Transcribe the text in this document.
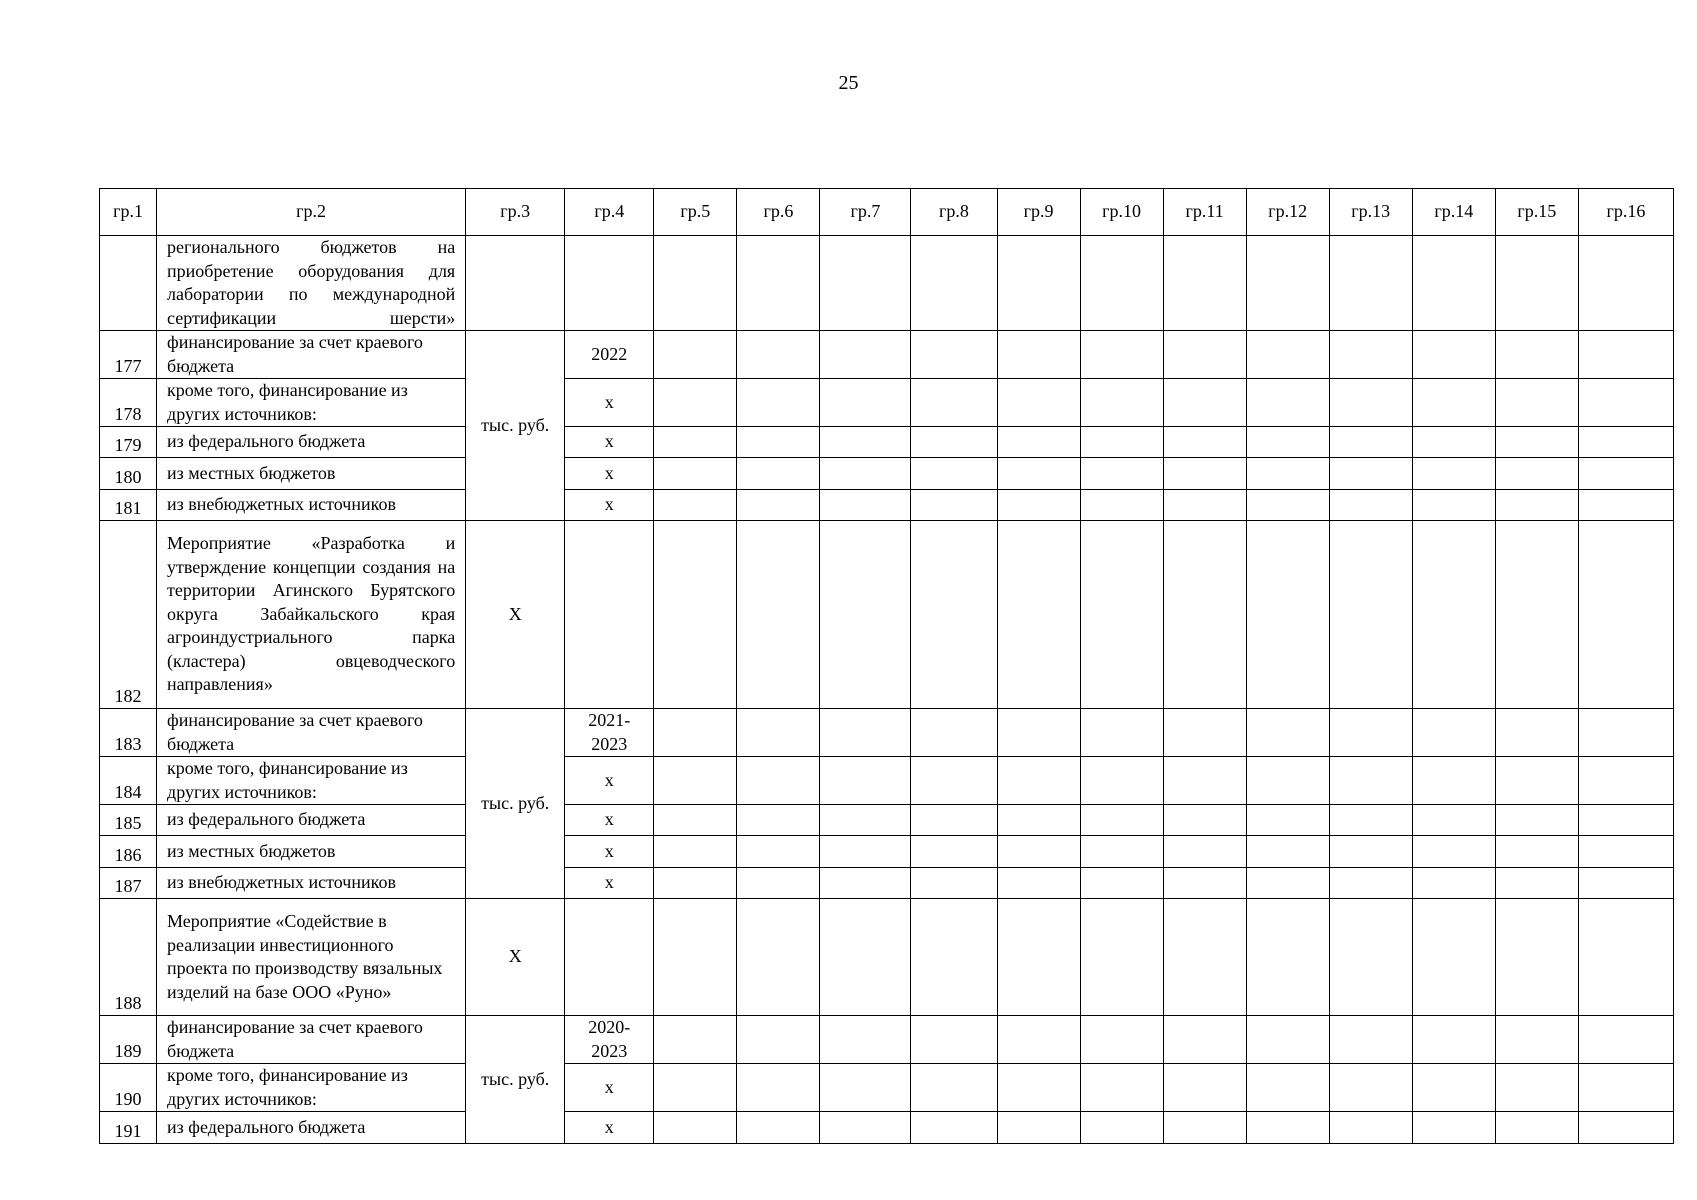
25
гр.1	гр.2	гр.3	гр.4	гр.5	гр.6	гр.7	гр.8	гр.9	гр.10	гр.11	гр.12	гр.13	гр.14	гр.15	гр.16
	регионального бюджетов на приобретение оборудования для лаборатории по международной сертификации шерсти»														
177	финансирование за счет краевого бюджета	тыс. руб.	2022												
178	кроме того, финансирование из других источников:		x												
179	из федерального бюджета		x												
180	из местных бюджетов		x												
181	из внебюджетных источников		x												
182	Мероприятие «Разработка и утверждение концепции создания на территории Агинского Бурятского округа Забайкальского края агроиндустриального парка (кластера) овцеводческого направления»	Х													
183	финансирование за счет краевого бюджета	тыс. руб.	2021-2023												
184	кроме того, финансирование из других источников:		x												
185	из федерального бюджета		x												
186	из местных бюджетов		x												
187	из внебюджетных источников		x												
188	Мероприятие «Содействие в реализации инвестиционного проекта по производству вязальных изделий на базе ООО «Руно»	Х													
189	финансирование за счет краевого бюджета	тыс. руб.	2020-2023												
190	кроме того, финансирование из других источников:		x												
191	из федерального бюджета		x												
